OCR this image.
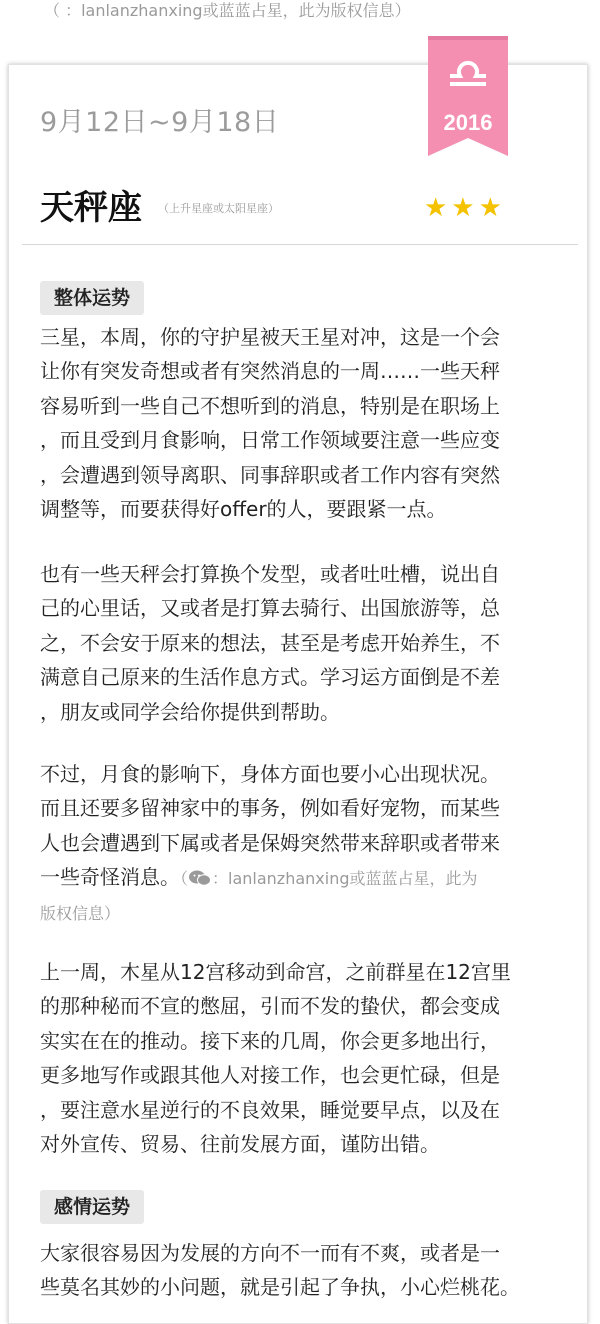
（ ：lanlanzhanxing或蓝蓝占星，此为版权信息）
2016
9月12日~9月18日
天秤座 （上升星座或太阳星座）	★★★
整体运势

三星，本周，你的守护星被天王星对冲，这是一个会
让你有突发奇想或者有突然消息的一周……一些天秤
容易听到一些自己不想听到的消息，特别是在职场上
，而且受到月食影响，日常工作领域要注意一些应变
，会遭遇到领导离职、同事辞职或者工作内容有突然
调整等，而要获得好offer的人，要跟紧一点。

也有一些天秤会打算换个发型，或者吐吐槽，说出自
己的心里话，又或者是打算去骑行、出国旅游等，总
之，不会安于原来的想法，甚至是考虑开始养生，不
满意自己原来的生活作息方式。学习运方面倒是不差
，朋友或同学会给你提供到帮助。

不过，月食的影响下，身体方面也要小心出现状况。
而且还要多留神家中的事务，例如看好宠物，而某些
人也会遭遇到下属或者是保姆突然带来辞职或者带来
一些奇怪消息。（ ：lanlanzhanxing或蓝蓝占星，此为
版权信息）

上一周，木星从12宫移动到命宫，之前群星在12宫里
的那种秘而不宣的憋屈，引而不发的蛰伏，都会变成
实实在在的推动。接下来的几周，你会更多地出行，
更多地写作或跟其他人对接工作，也会更忙碌，但是
，要注意水星逆行的不良效果，睡觉要早点，以及在
对外宣传、贸易、往前发展方面，谨防出错。

感情运势

大家很容易因为发展的方向不一而有不爽，或者是一
些莫名其妙的小问题，就是引起了争执，小心烂桃花。
